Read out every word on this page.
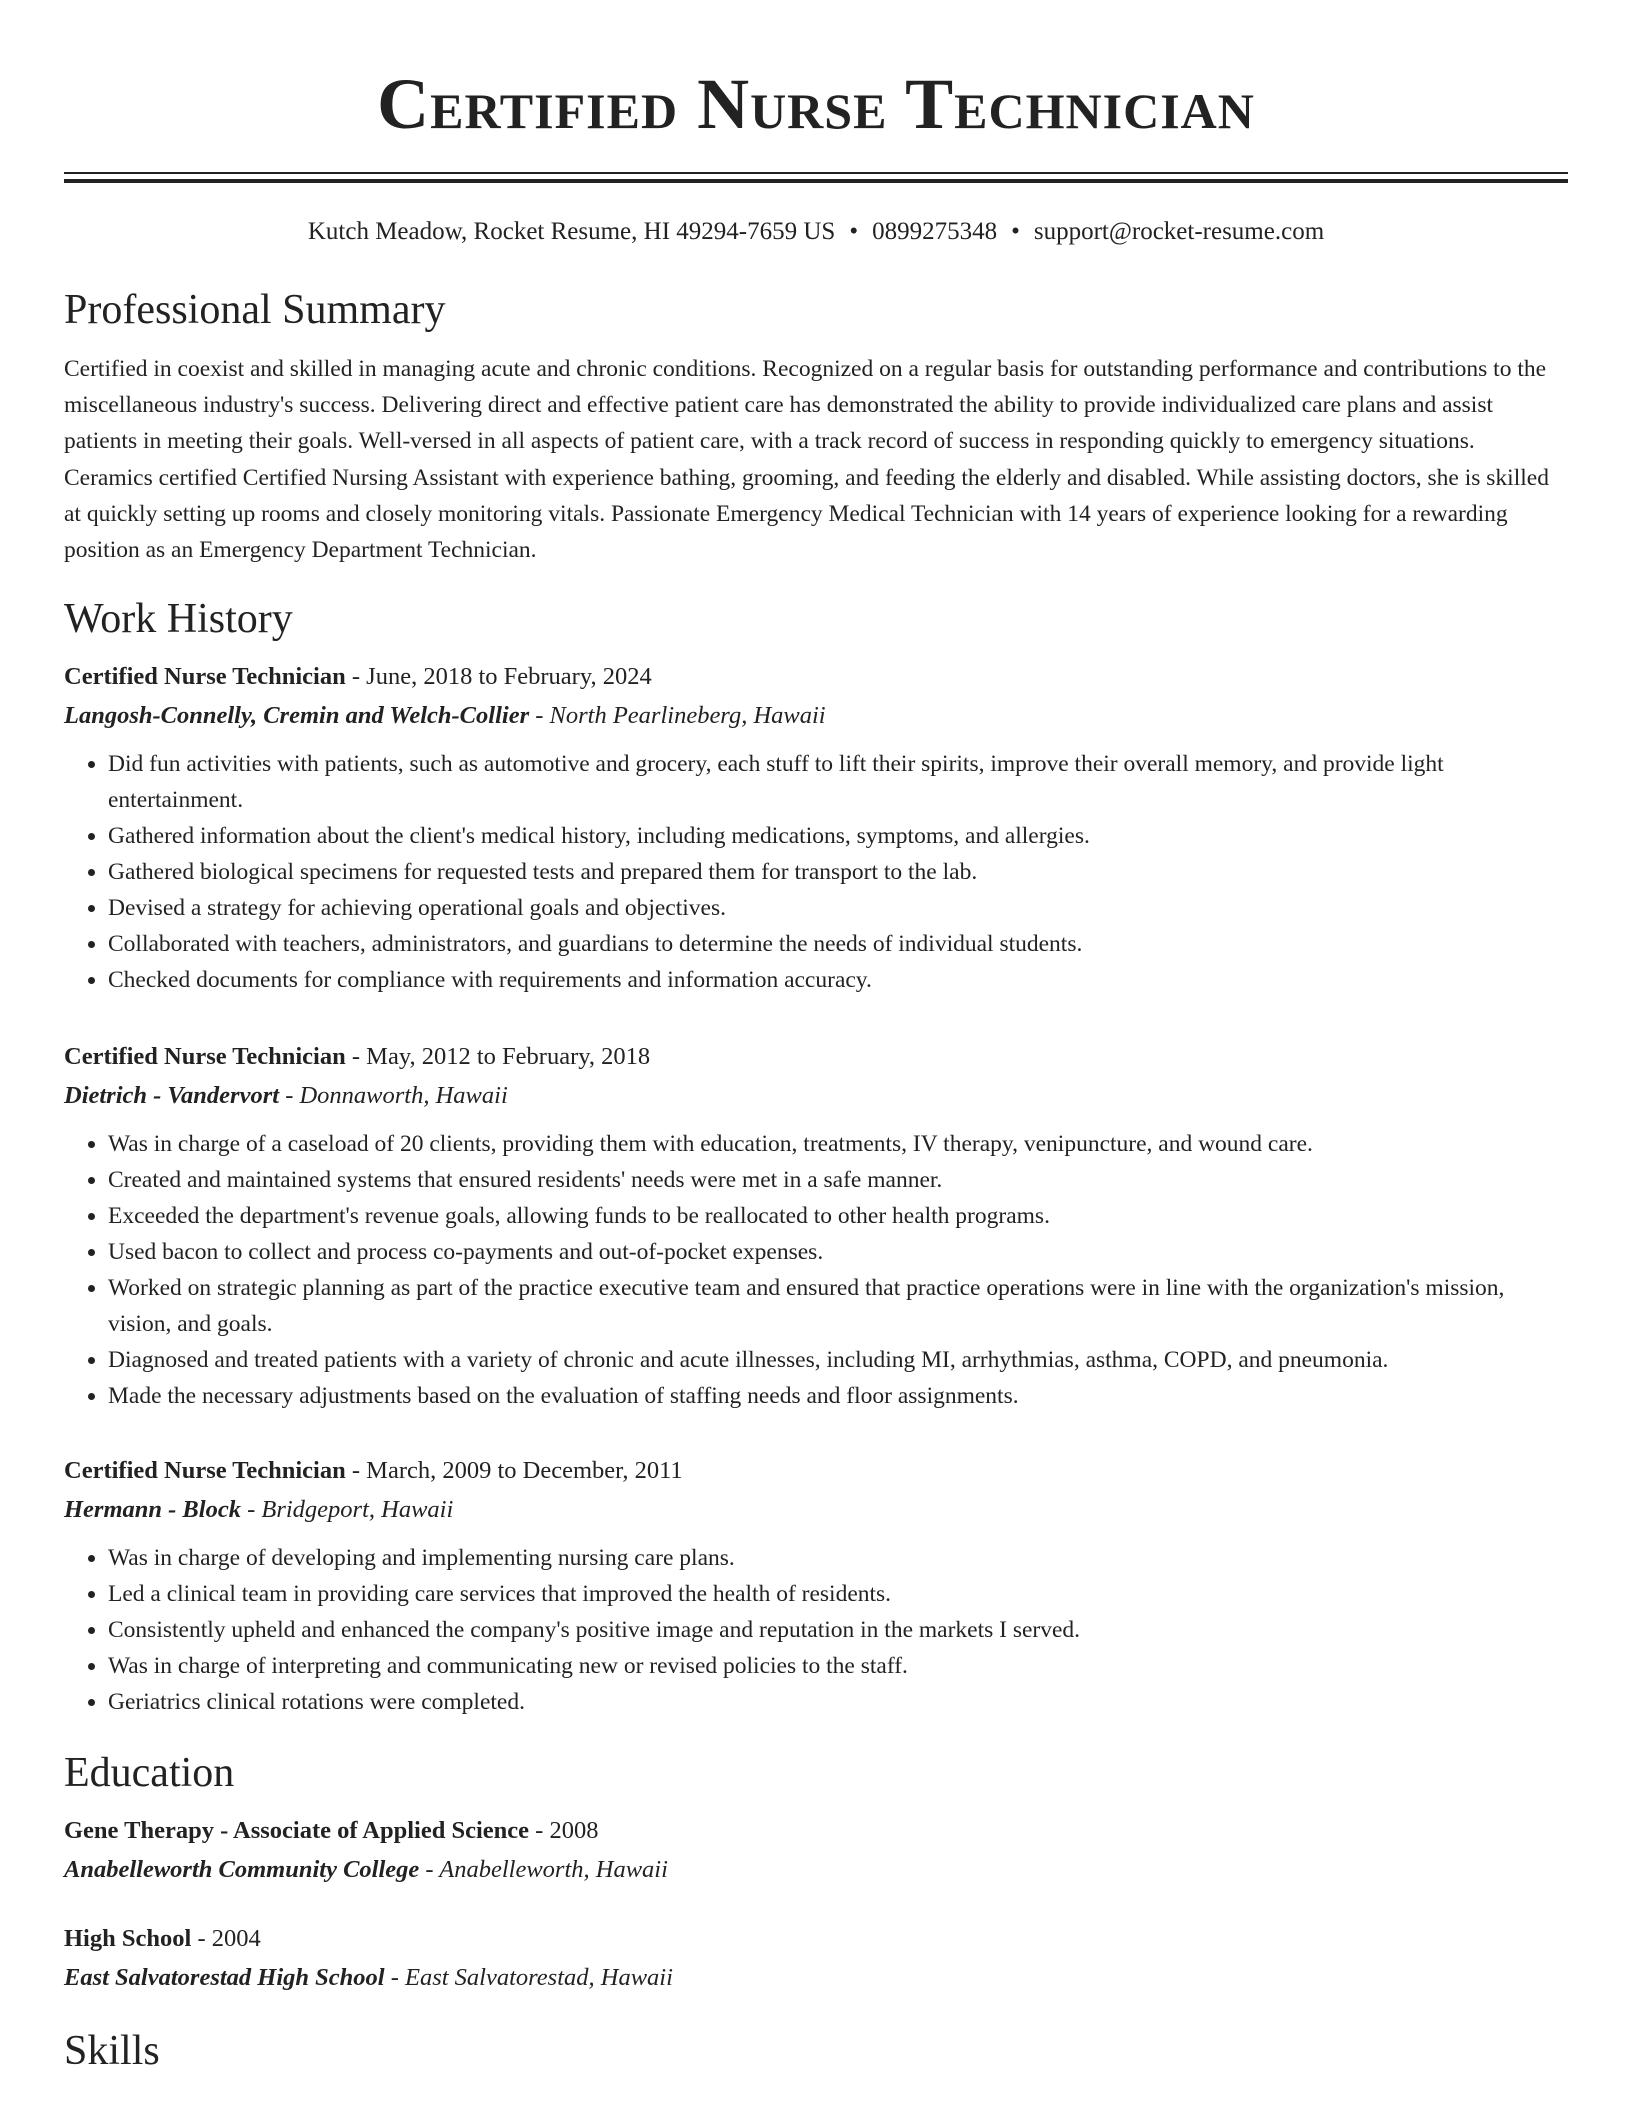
Certified Nurse Technician
Kutch Meadow, Rocket Resume, HI 49294-7659 US • 0899275348 • support@rocket-resume.com
Professional Summary

Certified in coexist and skilled in managing acute and chronic conditions. Recognized on a regular basis for outstanding performance and contributions to the miscellaneous industry's success. Delivering direct and effective patient care has demonstrated the ability to provide individualized care plans and assist patients in meeting their goals. Well-versed in all aspects of patient care, with a track record of success in responding quickly to emergency situations. Ceramics certified Certified Nursing Assistant with experience bathing, grooming, and feeding the elderly and disabled. While assisting doctors, she is skilled at quickly setting up rooms and closely monitoring vitals. Passionate Emergency Medical Technician with 14 years of experience looking for a rewarding position as an Emergency Department Technician.

Work History
Certified Nurse Technician - June, 2018 to February, 2024
Langosh-Connelly, Cremin and Welch-Collier - North Pearlineberg, Hawaii
• Did fun activities with patients, such as automotive and grocery, each stuff to lift their spirits, improve their overall memory, and provide light entertainment.
• Gathered information about the client's medical history, including medications, symptoms, and allergies.
• Gathered biological specimens for requested tests and prepared them for transport to the lab.
• Devised a strategy for achieving operational goals and objectives.
• Collaborated with teachers, administrators, and guardians to determine the needs of individual students.
• Checked documents for compliance with requirements and information accuracy.
Certified Nurse Technician - May, 2012 to February, 2018
Dietrich - Vandervort - Donnaworth, Hawaii
• Was in charge of a caseload of 20 clients, providing them with education, treatments, IV therapy, venipuncture, and wound care.
• Created and maintained systems that ensured residents' needs were met in a safe manner.
• Exceeded the department's revenue goals, allowing funds to be reallocated to other health programs.
• Used bacon to collect and process co-payments and out-of-pocket expenses.
• Worked on strategic planning as part of the practice executive team and ensured that practice operations were in line with the organization's mission, vision, and goals.
• Diagnosed and treated patients with a variety of chronic and acute illnesses, including MI, arrhythmias, asthma, COPD, and pneumonia.
• Made the necessary adjustments based on the evaluation of staffing needs and floor assignments.
Certified Nurse Technician - March, 2009 to December, 2011
Hermann - Block - Bridgeport, Hawaii
• Was in charge of developing and implementing nursing care plans.
• Led a clinical team in providing care services that improved the health of residents.
• Consistently upheld and enhanced the company's positive image and reputation in the markets I served.
• Was in charge of interpreting and communicating new or revised policies to the staff.
• Geriatrics clinical rotations were completed.
Education
Gene Therapy - Associate of Applied Science - 2008
Anabelleworth Community College - Anabelleworth, Hawaii
High School - 2004
East Salvatorestad High School - East Salvatorestad, Hawaii
Skills
